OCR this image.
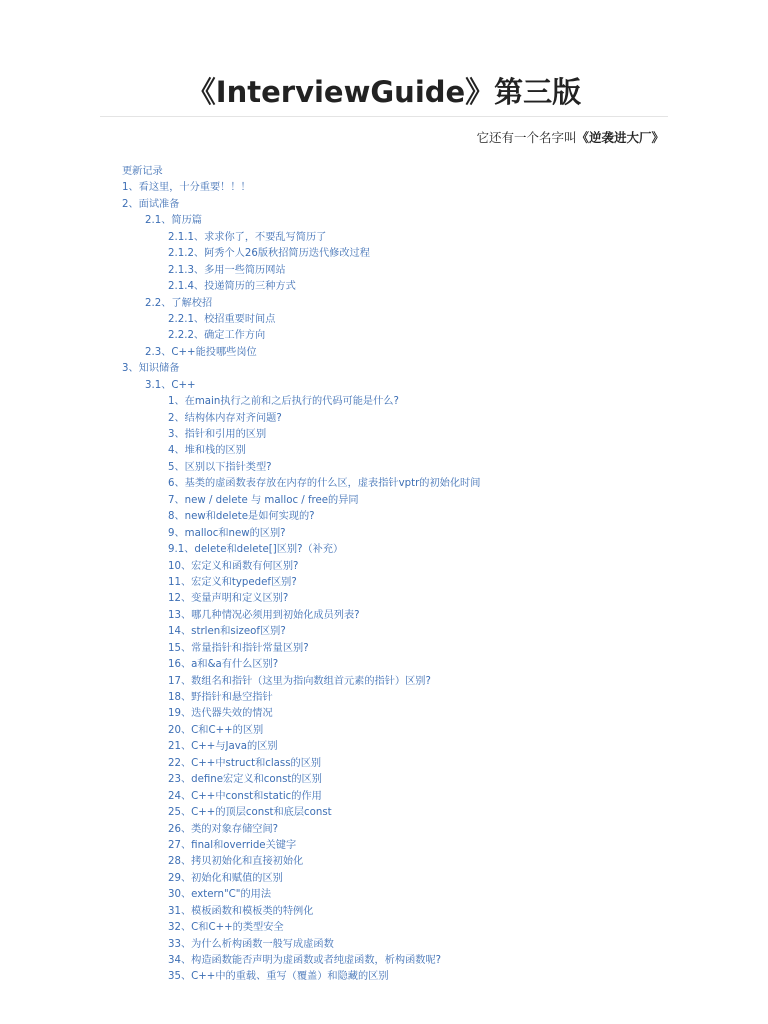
《InterviewGuide》第三版
它还有一个名字叫《逆袭进大厂》
更新记录
1、看这里，十分重要！！！
2、面试准备
2.1、简历篇
2.1.1、求求你了，不要乱写简历了
2.1.2、阿秀个人26版秋招简历迭代修改过程
2.1.3、多用一些简历网站
2.1.4、投递简历的三种方式
2.2、了解校招
2.2.1、校招重要时间点
2.2.2、确定工作方向
2.3、C++能投哪些岗位
3、知识储备
3.1、C++
1、在main执行之前和之后执行的代码可能是什么?
2、结构体内存对齐问题?
3、指针和引用的区别
4、堆和栈的区别
5、区别以下指针类型?
6、基类的虚函数表存放在内存的什么区，虚表指针vptr的初始化时间
7、new / delete 与 malloc / free的异同
8、new和delete是如何实现的?
9、malloc和new的区别?
9.1、delete和delete[]区别?（补充）
10、宏定义和函数有何区别?
11、宏定义和typedef区别?
12、变量声明和定义区别?
13、哪几种情况必须用到初始化成员列表?
14、strlen和sizeof区别?
15、常量指针和指针常量区别?
16、a和&a有什么区别?
17、数组名和指针（这里为指向数组首元素的指针）区别?
18、野指针和悬空指针
19、迭代器失效的情况
20、C和C++的区别
21、C++与Java的区别
22、C++中struct和class的区别
23、define宏定义和const的区别
24、C++中const和static的作用
25、C++的顶层const和底层const
26、类的对象存储空间?
27、final和override关键字
28、拷贝初始化和直接初始化
29、初始化和赋值的区别
30、extern"C"的用法
31、模板函数和模板类的特例化
32、C和C++的类型安全
33、为什么析构函数一般写成虚函数
34、构造函数能否声明为虚函数或者纯虚函数，析构函数呢?
35、C++中的重载、重写（覆盖）和隐藏的区别
